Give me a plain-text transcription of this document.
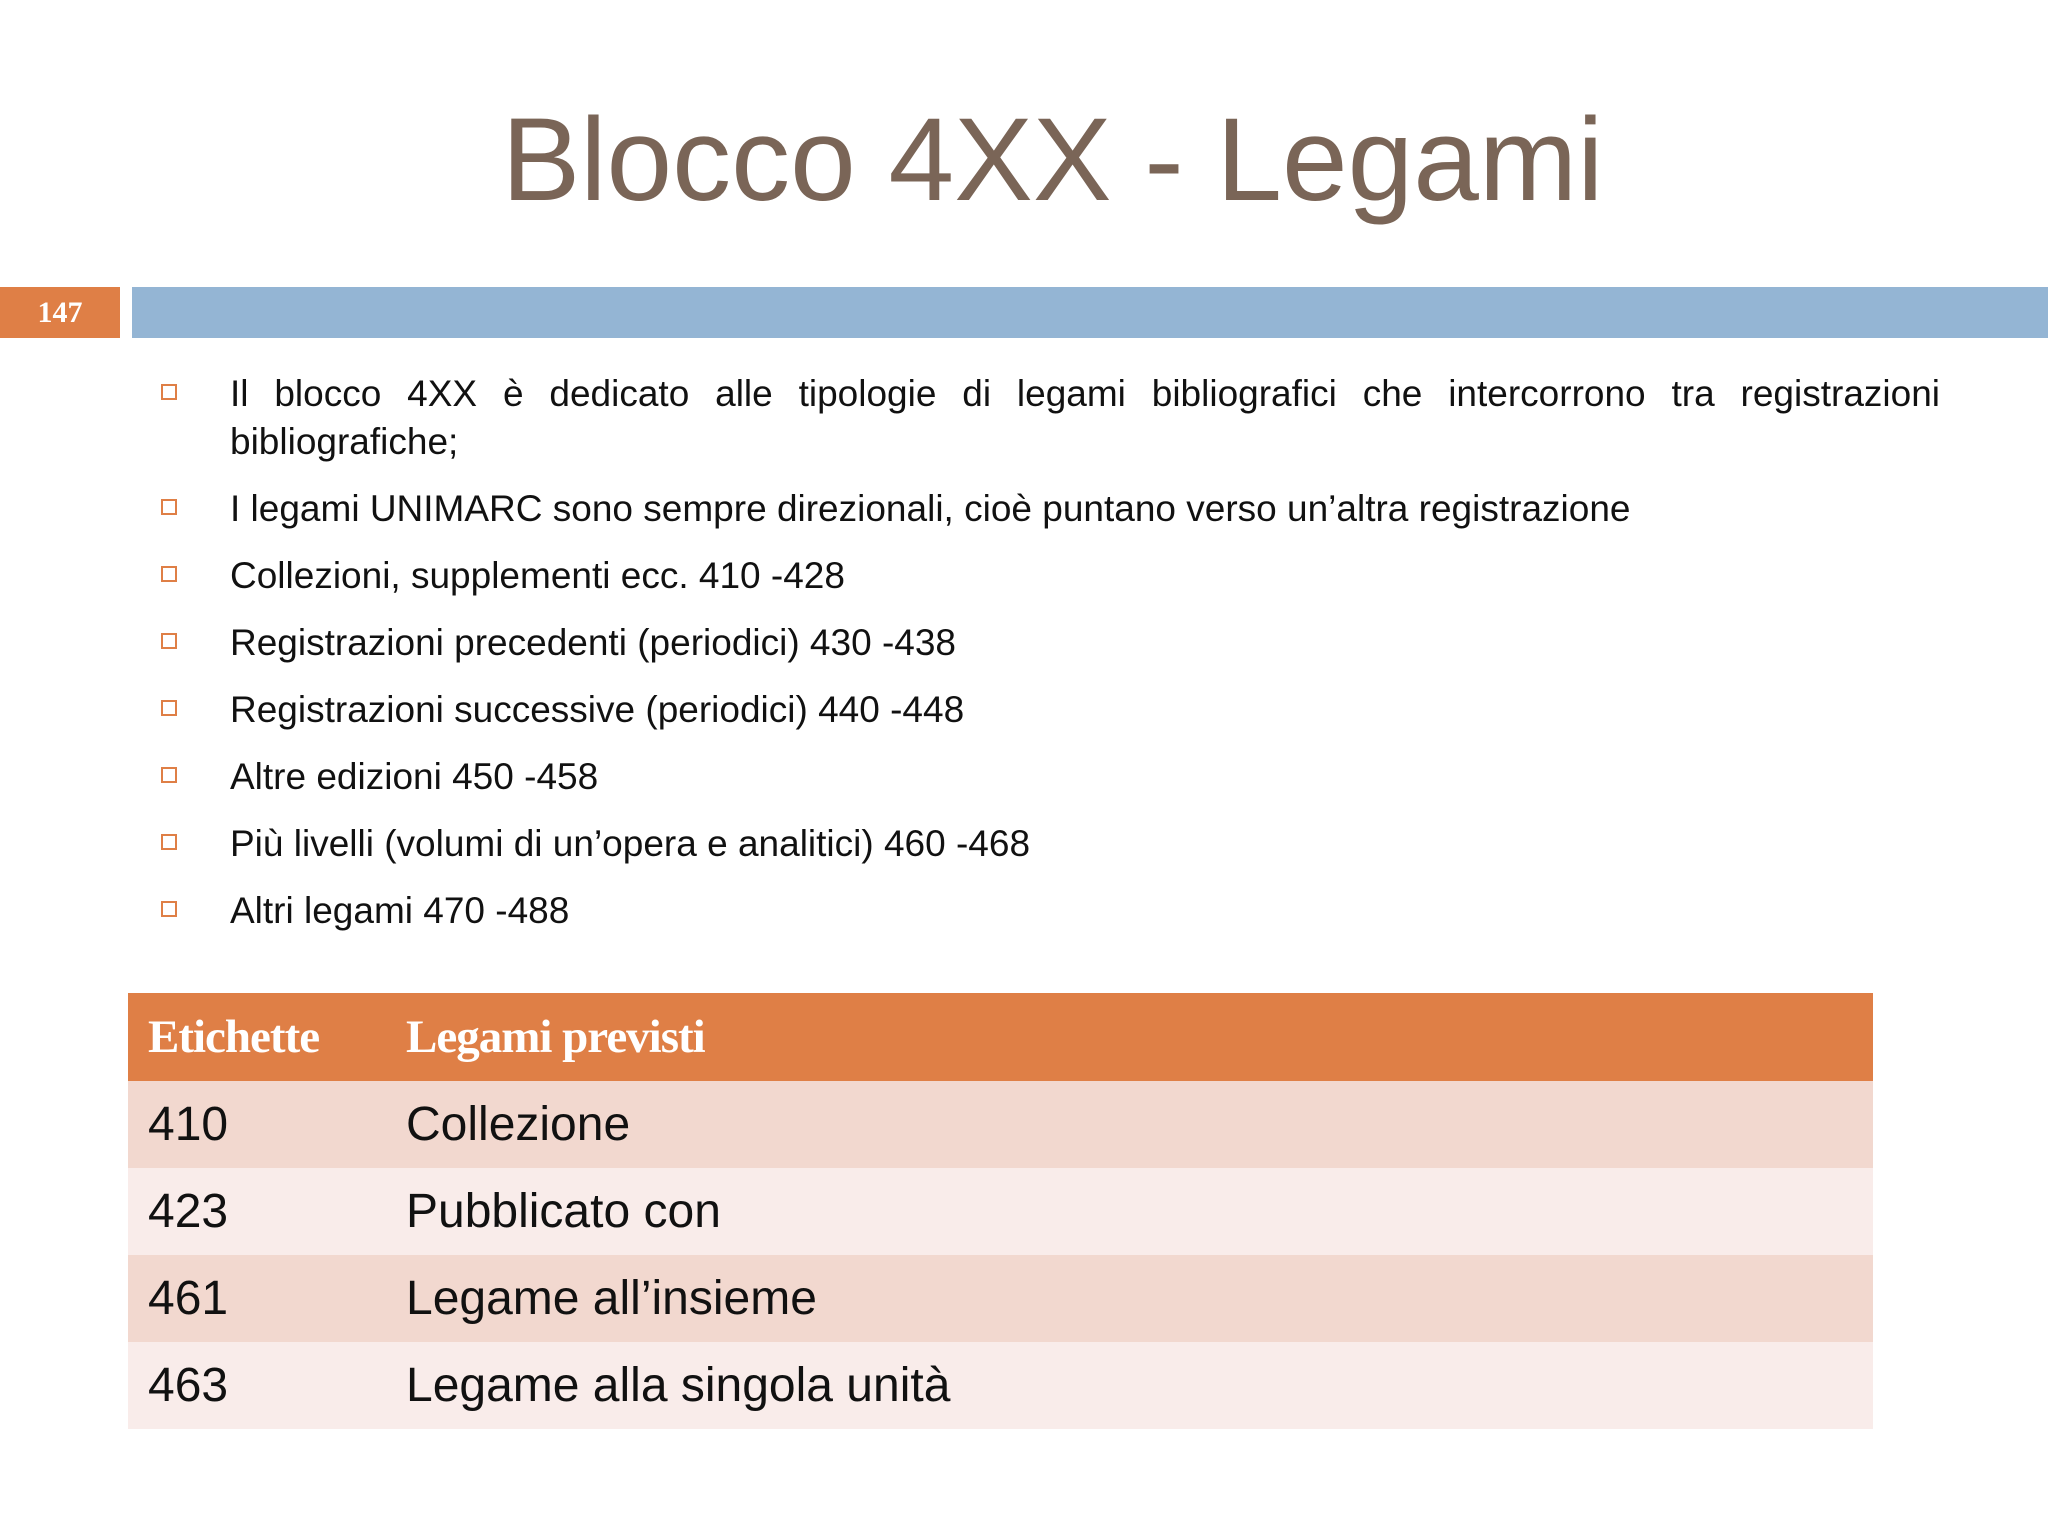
Blocco 4XX - Legami
147
Il blocco 4XX è dedicato alle tipologie di legami bibliografici che intercorrono tra registrazioni bibliografiche;
I legami UNIMARC sono sempre direzionali, cioè puntano verso un’altra registrazione
Collezioni, supplementi ecc. 410 -428
Registrazioni precedenti (periodici) 430 -438
Registrazioni successive (periodici) 440 -448
Altre edizioni 450 -458
Più livelli (volumi di un’opera e analitici) 460 -468
Altri legami 470 -488
Etichette	Legami previsti
410	Collezione
423	Pubblicato con
461	Legame all’insieme
463	Legame alla singola unità
